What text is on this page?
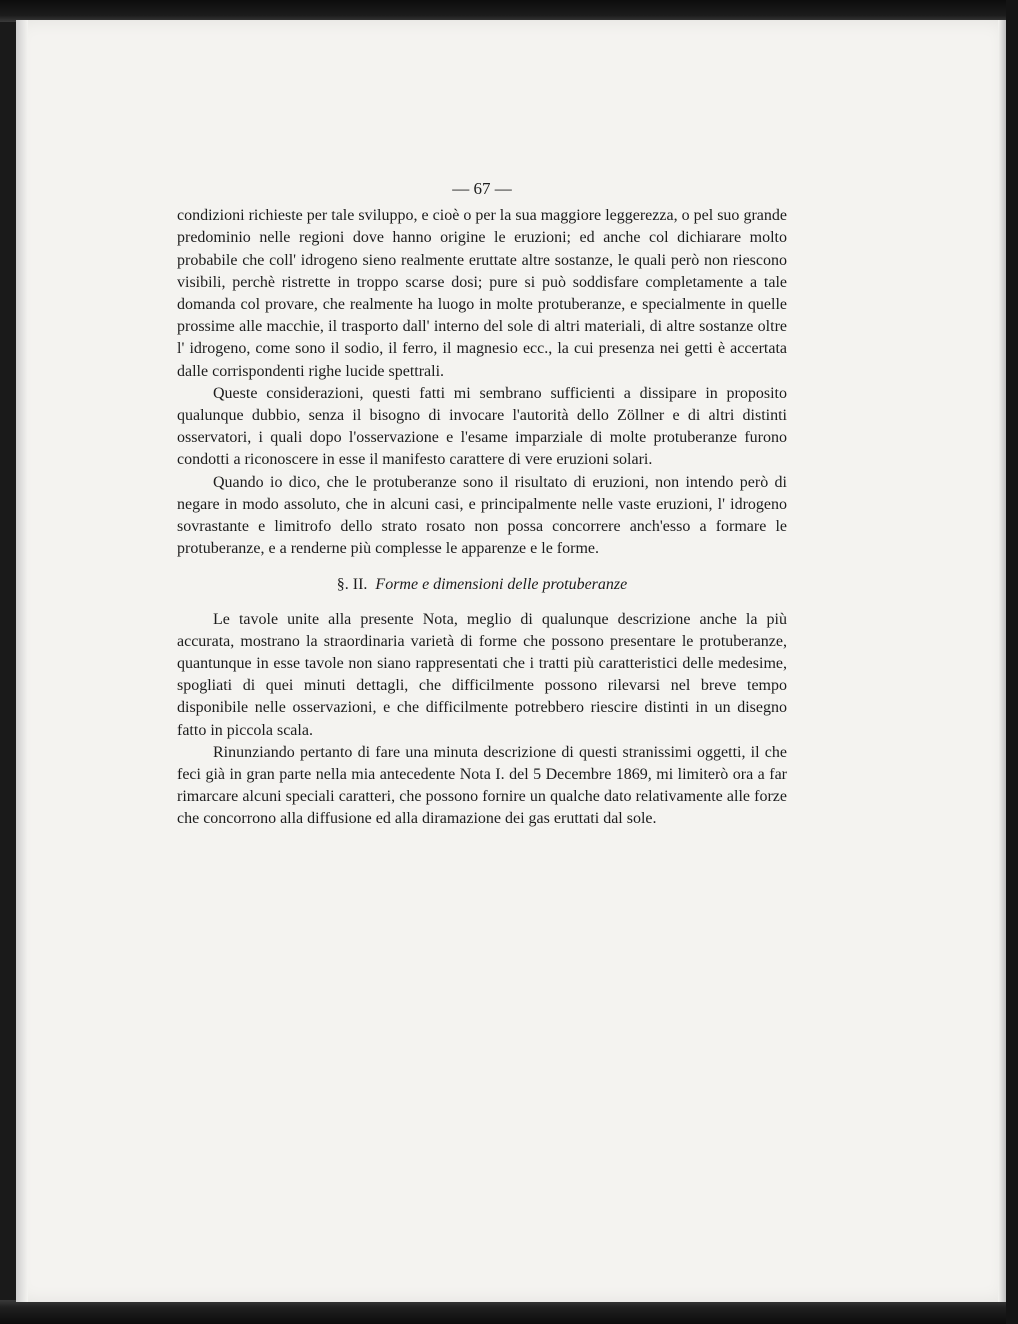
— 67 —

condizioni richieste per tale sviluppo, e cioè o per la sua maggiore leggerezza, o pel suo grande predominio nelle regioni dove hanno origine le eruzioni; ed anche col dichiarare molto probabile che coll' idrogeno sieno realmente eruttate altre sostanze, le quali però non riescono visibili, perchè ristrette in troppo scarse dosi; pure si può soddisfare completamente a tale domanda col provare, che realmente ha luogo in molte protuberanze, e specialmente in quelle prossime alle macchie, il trasporto dall' interno del sole di altri materiali, di altre sostanze oltre l' idrogeno, come sono il sodio, il ferro, il magnesio ecc., la cui presenza nei getti è accertata dalle corrispondenti righe lucide spettrali.

Queste considerazioni, questi fatti mi sembrano sufficienti a dissipare in proposito qualunque dubbio, senza il bisogno di invocare l'autorità dello Zöllner e di altri distinti osservatori, i quali dopo l'osservazione e l'esame imparziale di molte protuberanze furono condotti a riconoscere in esse il manifesto carattere di vere eruzioni solari.

Quando io dico, che le protuberanze sono il risultato di eruzioni, non intendo però di negare in modo assoluto, che in alcuni casi, e principalmente nelle vaste eruzioni, l' idrogeno sovrastante e limitrofo dello strato rosato non possa concorrere anch'esso a formare le protuberanze, e a renderne più complesse le apparenze e le forme.

§. II. Forme e dimensioni delle protuberanze

Le tavole unite alla presente Nota, meglio di qualunque descrizione anche la più accurata, mostrano la straordinaria varietà di forme che possono presentare le protuberanze, quantunque in esse tavole non siano rappresentati che i tratti più caratteristici delle medesime, spogliati di quei minuti dettagli, che difficilmente possono rilevarsi nel breve tempo disponibile nelle osservazioni, e che difficilmente potrebbero riescire distinti in un disegno fatto in piccola scala.

Rinunziando pertanto di fare una minuta descrizione di questi stranissimi oggetti, il che feci già in gran parte nella mia antecedente Nota I. del 5 Decembre 1869, mi limiterò ora a far rimarcare alcuni speciali caratteri, che possono fornire un qualche dato relativamente alle forze che concorrono alla diffusione ed alla diramazione dei gas eruttati dal sole.
